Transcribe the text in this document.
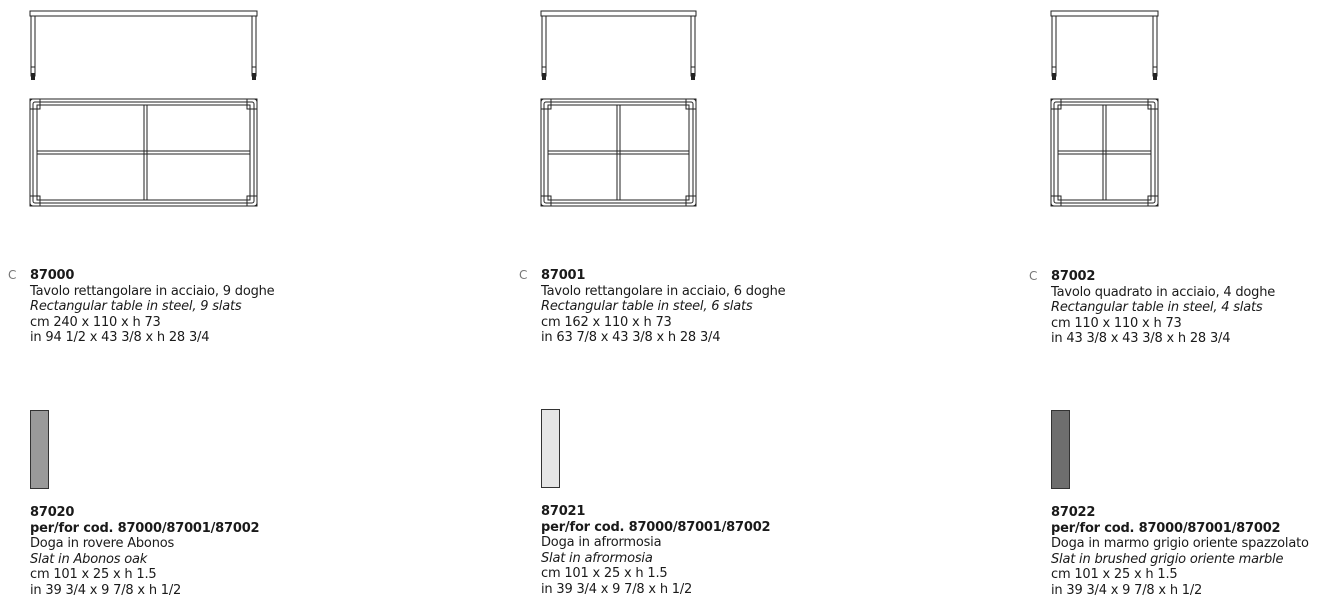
C 87000
Tavolo rettangolare in acciaio, 9 doghe
Rectangular table in steel, 9 slats
cm 240 x 110 x h 73
in 94 1/2 x 43 3/8 x h 28 3/4
C 87001
Tavolo rettangolare in acciaio, 6 doghe
Rectangular table in steel, 6 slats
cm 162 x 110 x h 73
in 63 7/8 x 43 3/8 x h 28 3/4
C 87002
Tavolo quadrato in acciaio, 4 doghe
Rectangular table in steel, 4 slats
cm 110 x 110 x h 73
in 43 3/8 x 43 3/8 x h 28 3/4
87020
per/for cod. 87000/87001/87002
Doga in rovere Abonos
Slat in Abonos oak
cm 101 x 25 x h 1.5
in 39 3/4 x 9 7/8 x h 1/2
87021
per/for cod. 87000/87001/87002
Doga in afrormosia
Slat in afrormosia
cm 101 x 25 x h 1.5
in 39 3/4 x 9 7/8 x h 1/2
87022
per/for cod. 87000/87001/87002
Doga in marmo grigio oriente spazzolato
Slat in brushed grigio oriente marble
cm 101 x 25 x h 1.5
in 39 3/4 x 9 7/8 x h 1/2
